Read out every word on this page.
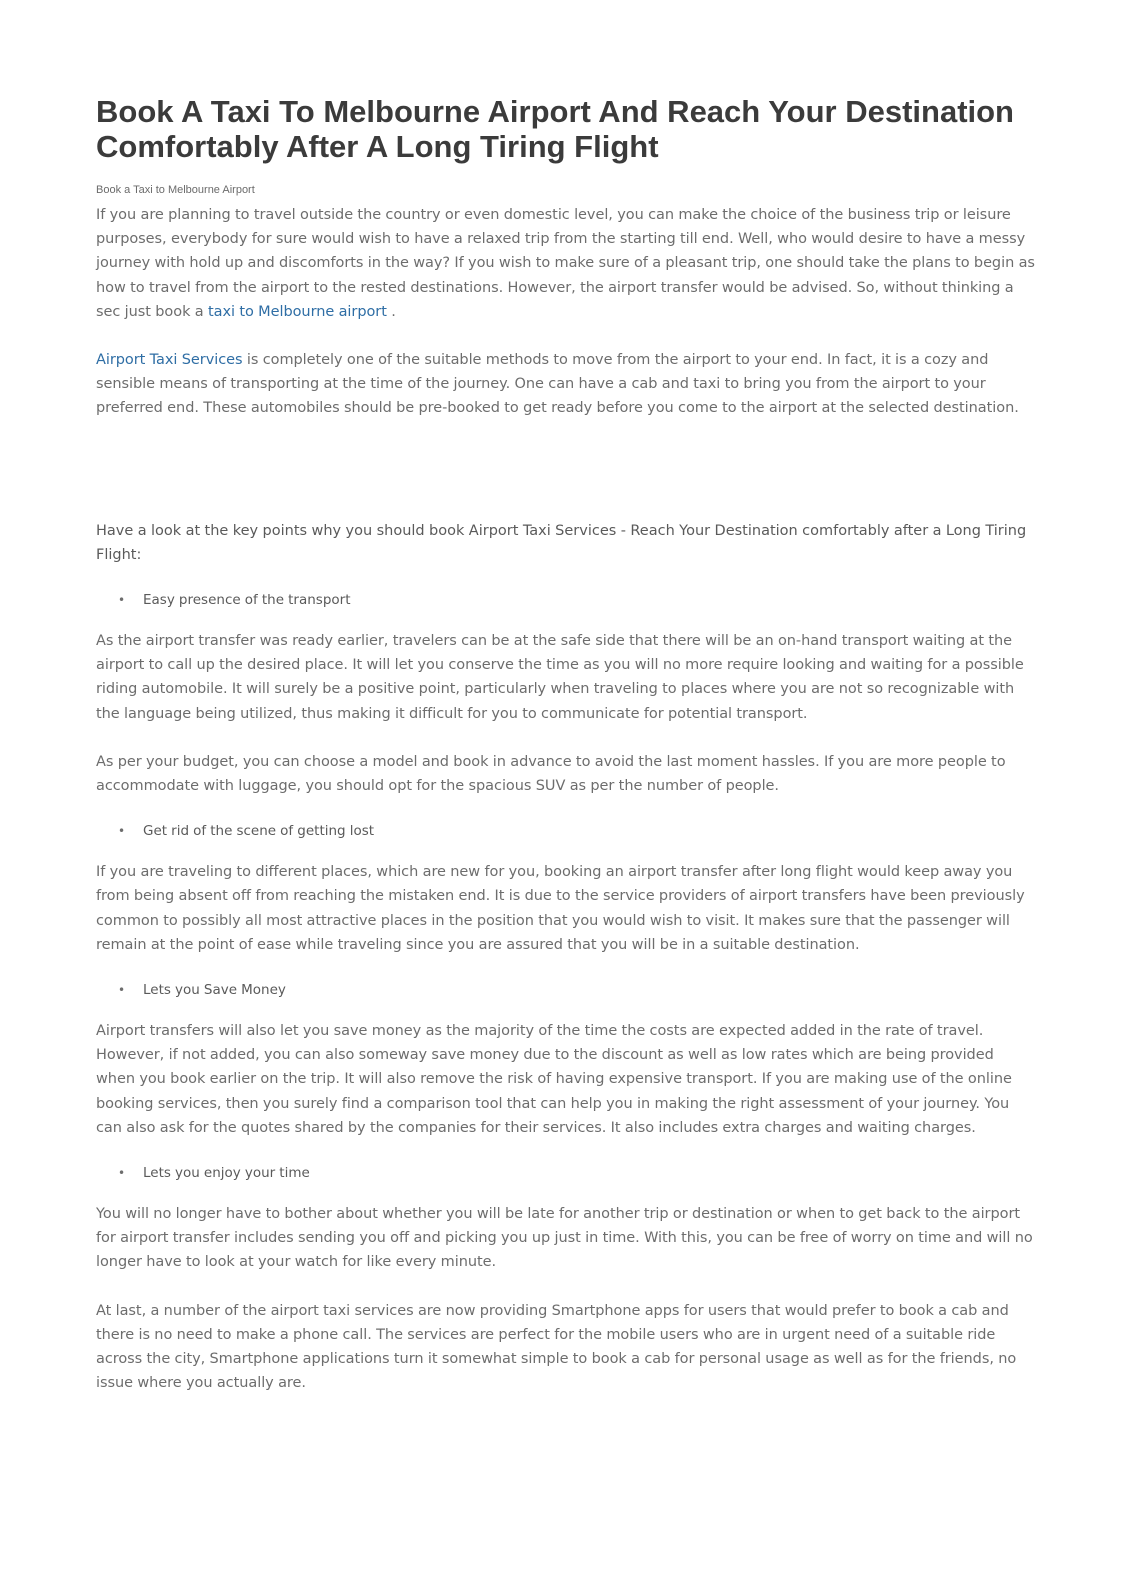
Book A Taxi To Melbourne Airport And Reach Your Destination Comfortably After A Long Tiring Flight
Book a Taxi to Melbourne Airport

If you are planning to travel outside the country or even domestic level, you can make the choice of the business trip or leisure purposes, everybody for sure would wish to have a relaxed trip from the starting till end. Well, who would desire to have a messy journey with hold up and discomforts in the way? If you wish to make sure of a pleasant trip, one should take the plans to begin as how to travel from the airport to the rested destinations. However, the airport transfer would be advised. So, without thinking a sec just book a taxi to Melbourne airport .

Airport Taxi Services is completely one of the suitable methods to move from the airport to your end. In fact, it is a cozy and sensible means of transporting at the time of the journey. One can have a cab and taxi to bring you from the airport to your preferred end. These automobiles should be pre-booked to get ready before you come to the airport at the selected destination.

Have a look at the key points why you should book Airport Taxi Services - Reach Your Destination comfortably after a Long Tiring Flight:

• Easy presence of the transport

As the airport transfer was ready earlier, travelers can be at the safe side that there will be an on-hand transport waiting at the airport to call up the desired place. It will let you conserve the time as you will no more require looking and waiting for a possible riding automobile. It will surely be a positive point, particularly when traveling to places where you are not so recognizable with the language being utilized, thus making it difficult for you to communicate for potential transport.

As per your budget, you can choose a model and book in advance to avoid the last moment hassles. If you are more people to accommodate with luggage, you should opt for the spacious SUV as per the number of people.

• Get rid of the scene of getting lost

If you are traveling to different places, which are new for you, booking an airport transfer after long flight would keep away you from being absent off from reaching the mistaken end. It is due to the service providers of airport transfers have been previously common to possibly all most attractive places in the position that you would wish to visit. It makes sure that the passenger will remain at the point of ease while traveling since you are assured that you will be in a suitable destination.

• Lets you Save Money

Airport transfers will also let you save money as the majority of the time the costs are expected added in the rate of travel. However, if not added, you can also someway save money due to the discount as well as low rates which are being provided when you book earlier on the trip. It will also remove the risk of having expensive transport. If you are making use of the online booking services, then you surely find a comparison tool that can help you in making the right assessment of your journey. You can also ask for the quotes shared by the companies for their services. It also includes extra charges and waiting charges.

• Lets you enjoy your time

You will no longer have to bother about whether you will be late for another trip or destination or when to get back to the airport for airport transfer includes sending you off and picking you up just in time. With this, you can be free of worry on time and will no longer have to look at your watch for like every minute.

At last, a number of the airport taxi services are now providing Smartphone apps for users that would prefer to book a cab and there is no need to make a phone call. The services are perfect for the mobile users who are in urgent need of a suitable ride across the city, Smartphone applications turn it somewhat simple to book a cab for personal usage as well as for the friends, no issue where you actually are.
